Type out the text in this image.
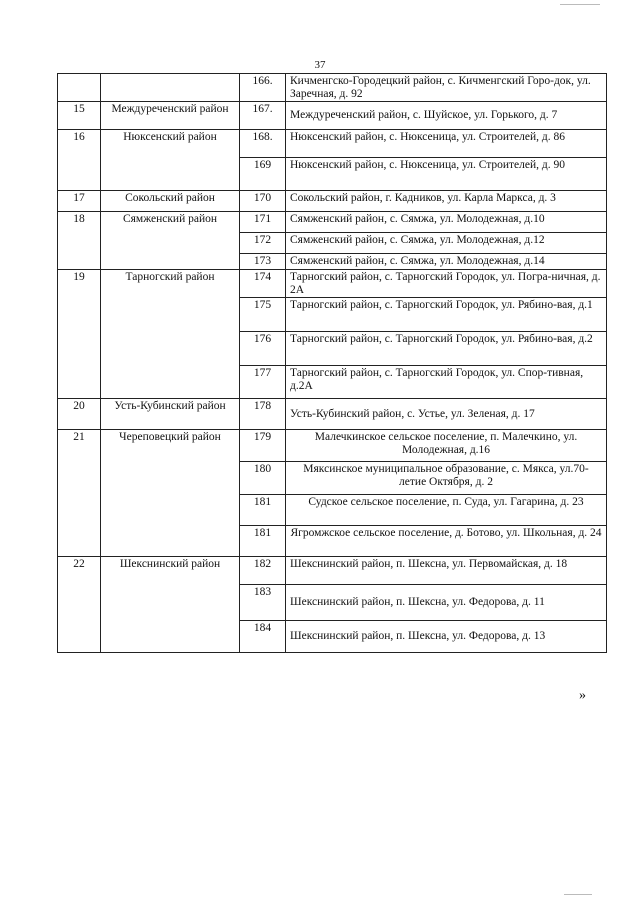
37
		166.	Кичменгско-Городецкий район, с. Кичменгский Горо-док, ул. Заречная, д. 92
15	Междуреченский район	167.	Междуреченский район, с. Шуйское, ул. Горького, д. 7
16	Нюксенский район	168.	Нюксенский район, с. Нюксеница, ул. Строителей, д. 86
		169	Нюксенский район, с. Нюксеница, ул. Строителей, д. 90
17	Сокольский район	170	Сокольский район, г. Кадников, ул. Карла Маркса, д. 3
18	Сямженский район	171	Сямженский район, с. Сямжа, ул. Молодежная, д.10
		172	Сямженский район, с. Сямжа, ул. Молодежная, д.12
		173	Сямженский район, с. Сямжа, ул. Молодежная, д.14
19	Тарногский район	174	Тарногский район, с. Тарногский Городок, ул. Погра-ничная, д. 2А
		175	Тарногский район, с. Тарногский Городок, ул. Рябино-вая, д.1
		176	Тарногский район, с. Тарногский Городок, ул. Рябино-вая, д.2
		177	Тарногский район, с. Тарногский Городок, ул. Спор-тивная, д.2А
20	Усть-Кубинский район	178	Усть-Кубинский район, с. Устье, ул. Зеленая, д. 17
21	Череповецкий район	179	Малечкинское сельское поселение, п. Малечкино, ул. Молодежная, д.16
		180	Мяксинское муниципальное образование, с. Мякса, ул.70-летие Октября, д. 2
		181	Судское сельское поселение, п. Суда, ул. Гагарина, д. 23
		181	Ягромжское сельское поселение, д. Ботово, ул. Школьная, д. 24
22	Шекснинский район	182	Шекснинский район, п. Шексна, ул. Первомайская, д. 18
		183	Шекснинский район, п. Шексна, ул. Федорова, д. 11
		184	Шекснинский район, п. Шексна, ул. Федорова, д. 13
»
